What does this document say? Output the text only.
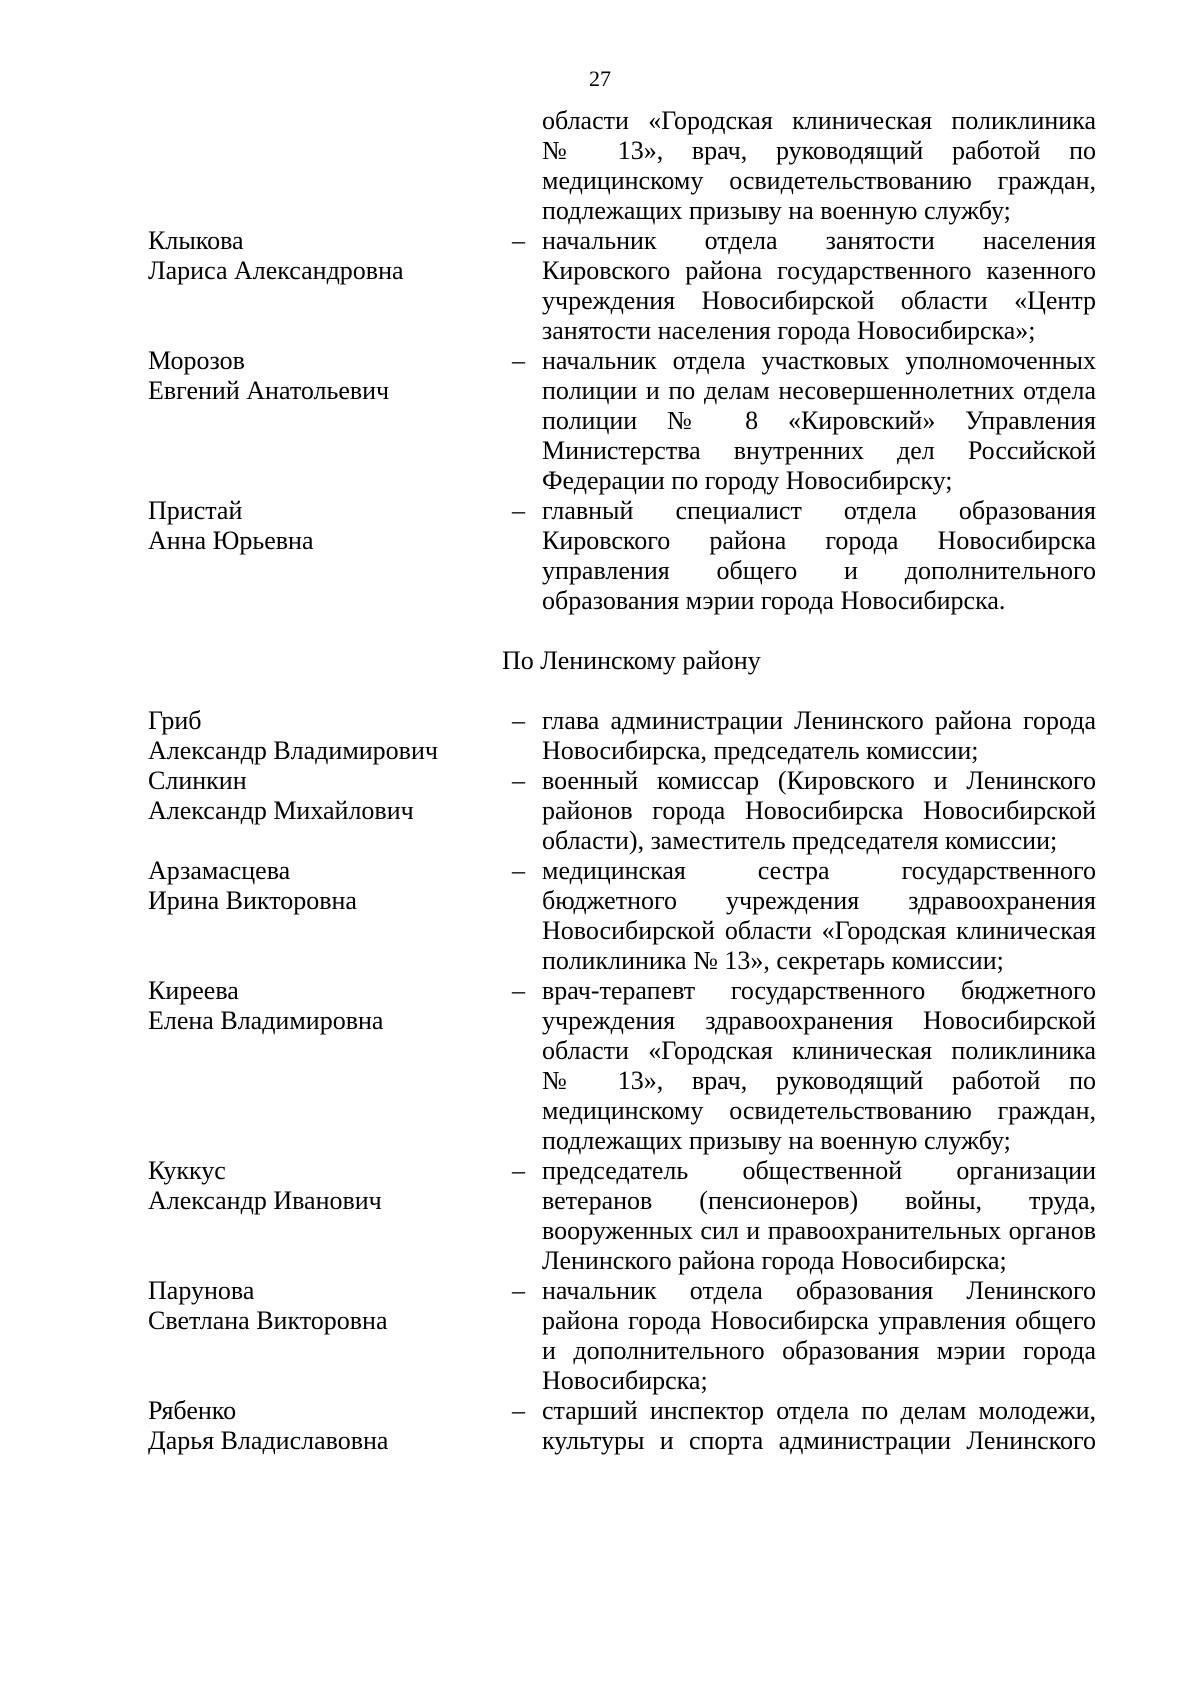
27
области «Городская клиническая поликлиника
№ 13», врач, руководящий работой по
медицинскому освидетельствованию граждан,
подлежащих призыву на военную службу;
Клыкова
Лариса Александровна
– начальник отдела занятости населения
Кировского района государственного казенного
учреждения Новосибирской области «Центр
занятости населения города Новосибирска»;
Морозов
Евгений Анатольевич
– начальник отдела участковых уполномоченных
полиции и по делам несовершеннолетних отдела
полиции № 8 «Кировский» Управления
Министерства внутренних дел Российской
Федерации по городу Новосибирску;
Пристай
Анна Юрьевна
– главный специалист отдела образования
Кировского района города Новосибирска
управления общего и дополнительного
образования мэрии города Новосибирска.
По Ленинскому району
Гриб
Александр Владимирович
– глава администрации Ленинского района города
Новосибирска, председатель комиссии;
Слинкин
Александр Михайлович
– военный комиссар (Кировского и Ленинского
районов города Новосибирска Новосибирской
области), заместитель председателя комиссии;
Арзамасцева
Ирина Викторовна
– медицинская сестра государственного
бюджетного учреждения здравоохранения
Новосибирской области «Городская клиническая
поликлиника № 13», секретарь комиссии;
Киреева
Елена Владимировна
– врач-терапевт государственного бюджетного
учреждения здравоохранения Новосибирской
области «Городская клиническая поликлиника
№ 13», врач, руководящий работой по
медицинскому освидетельствованию граждан,
подлежащих призыву на военную службу;
Куккус
Александр Иванович
– председатель общественной организации
ветеранов (пенсионеров) войны, труда,
вооруженных сил и правоохранительных органов
Ленинского района города Новосибирска;
Парунова
Светлана Викторовна
– начальник отдела образования Ленинского
района города Новосибирска управления общего
и дополнительного образования мэрии города
Новосибирска;
Рябенко
Дарья Владиславовна
– старший инспектор отдела по делам молодежи,
культуры и спорта администрации Ленинского
